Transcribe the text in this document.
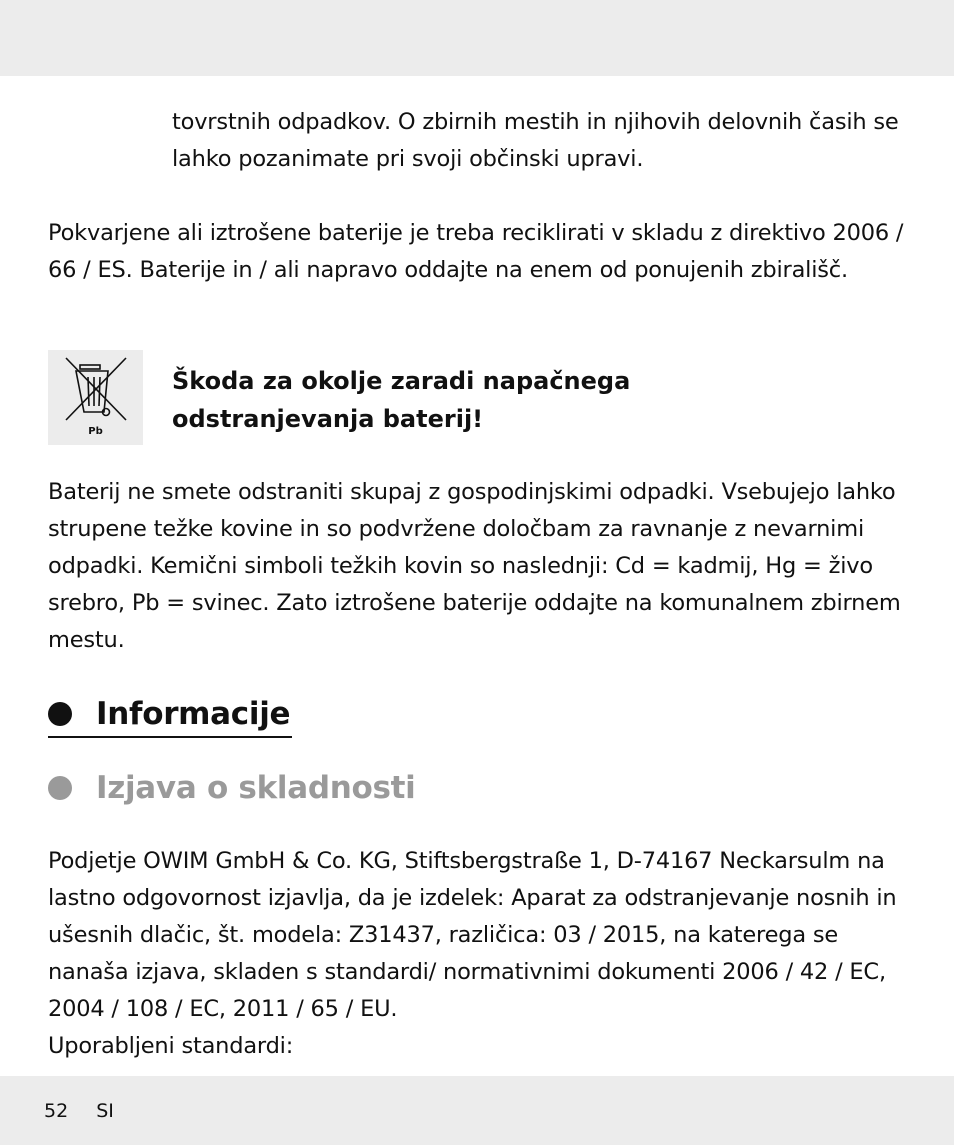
tovrstnih odpadkov. O zbirnih mestih in njihovih delovnih časih se lahko pozanimate pri svoji občinski upravi.

Pokvarjene ali iztrošene baterije je treba reciklirati v skladu z direktivo 2006 / 66 / ES. Baterije in / ali napravo oddajte na enem od ponujenih zbirališč.

Pb

Škoda za okolje zaradi napačnega
odstranjevanja baterij!

Baterij ne smete odstraniti skupaj z gospodinjskimi odpadki. Vsebujejo lahko strupene težke kovine in so podvržene določbam za ravnanje z nevarnimi odpadki. Kemični simboli težkih kovin so naslednji: Cd = kadmij, Hg = živo srebro, Pb = svinec. Zato iztrošene baterije oddajte na komunalnem zbirnem mestu.

Informacije
Izjava o skladnosti

Podjetje OWIM GmbH & Co. KG, Stiftsbergstraße 1, D-74167 Neckarsulm na lastno odgovornost izjavlja, da je izdelek: Aparat za odstranjevanje nosnih in ušesnih dlačic, št. modela: Z31437, različica: 03 / 2015, na katerega se nanaša izjava, skladen s standardi/ normativnimi dokumenti 2006 / 42 / EC, 2004 / 108 / EC, 2011 / 65 / EU.
Uporabljeni standardi:

52 SI
